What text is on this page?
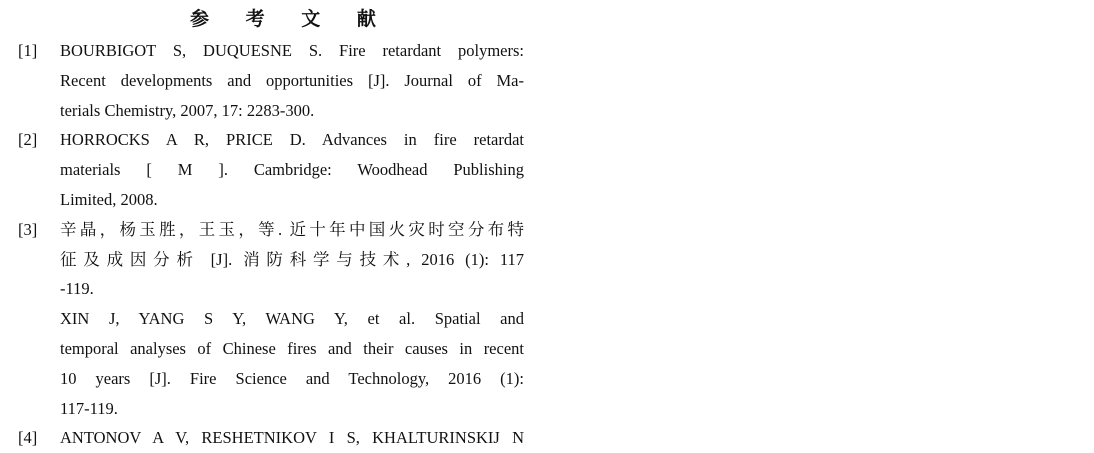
参 考 文 献
[1]	BOURBIGOT S, DUQUESNE S. Fire retardant polymers:
Recent developments and opportunities [J]. Journal of Ma-
terials Chemistry, 2007, 17: 2283-300.
[2]	HORROCKS A R, PRICE D. Advances in fire retardat
materials [ M ]. Cambridge: Woodhead Publishing
Limited, 2008.
[3]	辛晶，杨玉胜，王玉，等. 近十年中国火灾时空分布特
征及成因分析 [J]. 消防科学与技术, 2016 (1): 117
-119.
XIN J, YANG S Y, WANG Y, et al. Spatial and
temporal analyses of Chinese fires and their causes in recent
10 years [J]. Fire Science and Technology, 2016 (1):
117-119.
[4]	ANTONOV A V, RESHETNIKOV I S, KHALTURINSKIJ N
